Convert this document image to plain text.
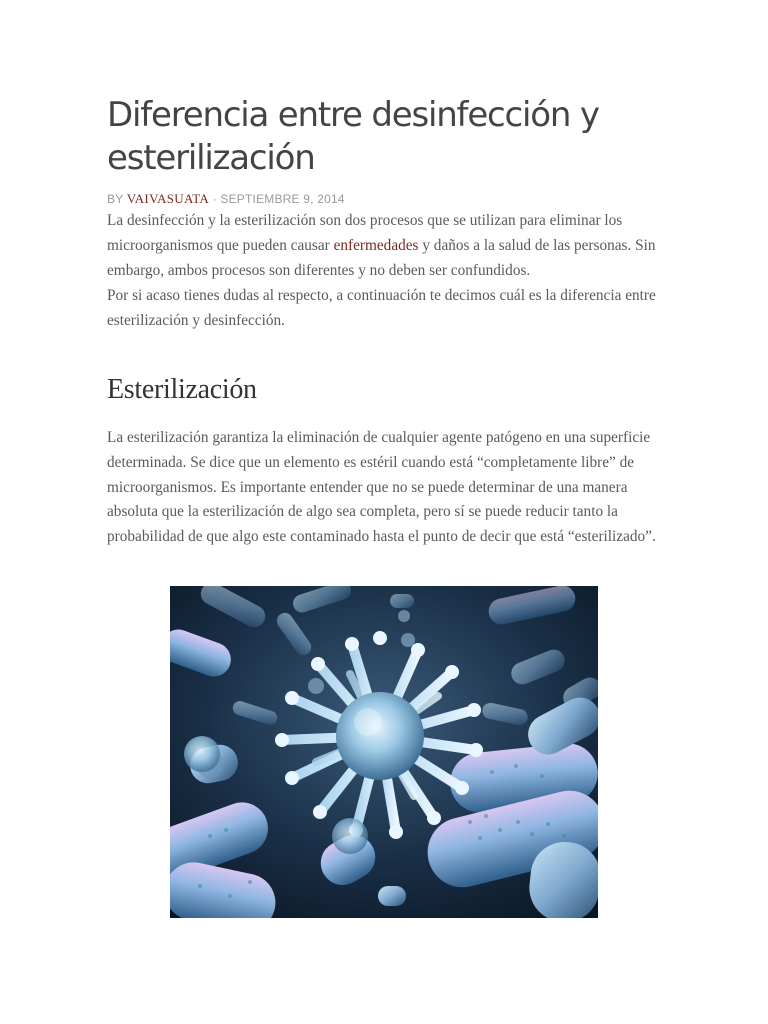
Diferencia entre desinfección y esterilización
BY VAIVASUATA · SEPTIEMBRE 9, 2014

La desinfección y la esterilización son dos procesos que se utilizan para eliminar los microorganismos que pueden causar enfermedades y daños a la salud de las personas. Sin embargo, ambos procesos son diferentes y no deben ser confundidos.

Por si acaso tienes dudas al respecto, a continuación te decimos cuál es la diferencia entre esterilización y desinfección.

Esterilización

La esterilización garantiza la eliminación de cualquier agente patógeno en una superficie determinada. Se dice que un elemento es estéril cuando está “completamente libre” de microorganismos. Es importante entender que no se puede determinar de una manera absoluta que la esterilización de algo sea completa, pero sí se puede reducir tanto la probabilidad de que algo este contaminado hasta el punto de decir que está “esterilizado”.
